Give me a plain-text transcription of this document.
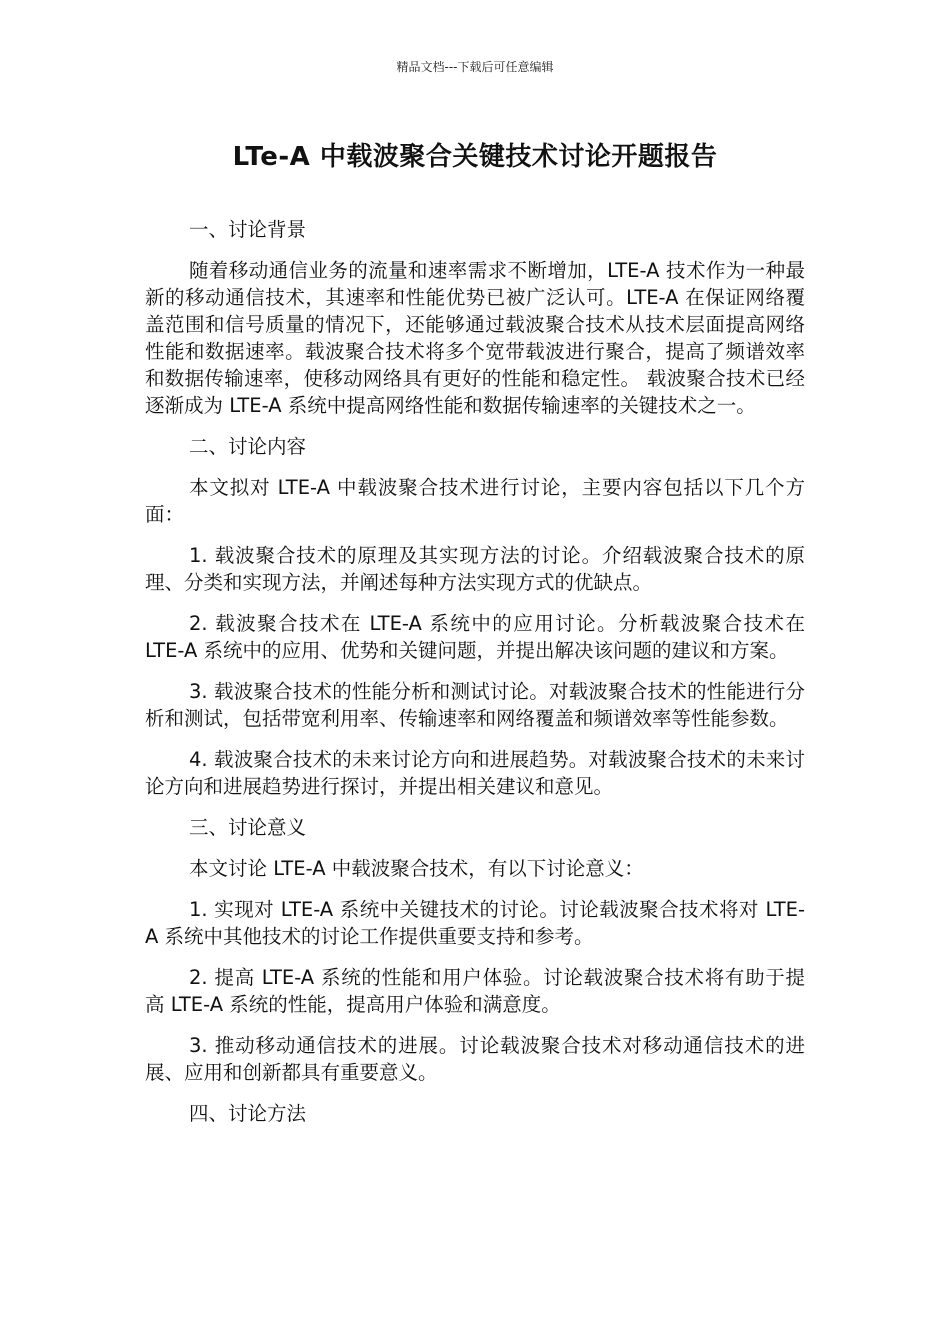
精品文档---下载后可任意编辑
LTe-A 中载波聚合关键技术讨论开题报告

一、讨论背景

随着移动通信业务的流量和速率需求不断增加，LTE-A 技术作为一种最新的移动通信技术，其速率和性能优势已被广泛认可。LTE-A 在保证网络覆盖范围和信号质量的情况下，还能够通过载波聚合技术从技术层面提高网络性能和数据速率。载波聚合技术将多个宽带载波进行聚合，提高了频谱效率和数据传输速率，使移动网络具有更好的性能和稳定性。 载波聚合技术已经逐渐成为 LTE-A 系统中提高网络性能和数据传输速率的关键技术之一。

二、讨论内容

本文拟对 LTE-A 中载波聚合技术进行讨论，主要内容包括以下几个方面：

1. 载波聚合技术的原理及其实现方法的讨论。介绍载波聚合技术的原理、分类和实现方法，并阐述每种方法实现方式的优缺点。

2. 载波聚合技术在 LTE-A 系统中的应用讨论。分析载波聚合技术在 LTE-A 系统中的应用、优势和关键问题，并提出解决该问题的建议和方案。

3. 载波聚合技术的性能分析和测试讨论。对载波聚合技术的性能进行分析和测试，包括带宽利用率、传输速率和网络覆盖和频谱效率等性能参数。

4. 载波聚合技术的未来讨论方向和进展趋势。对载波聚合技术的未来讨论方向和进展趋势进行探讨，并提出相关建议和意见。

三、讨论意义

本文讨论 LTE-A 中载波聚合技术，有以下讨论意义：

1. 实现对 LTE-A 系统中关键技术的讨论。讨论载波聚合技术将对 LTE-A 系统中其他技术的讨论工作提供重要支持和参考。

2. 提高 LTE-A 系统的性能和用户体验。讨论载波聚合技术将有助于提高 LTE-A 系统的性能，提高用户体验和满意度。

3. 推动移动通信技术的进展。讨论载波聚合技术对移动通信技术的进展、应用和创新都具有重要意义。

四、讨论方法
